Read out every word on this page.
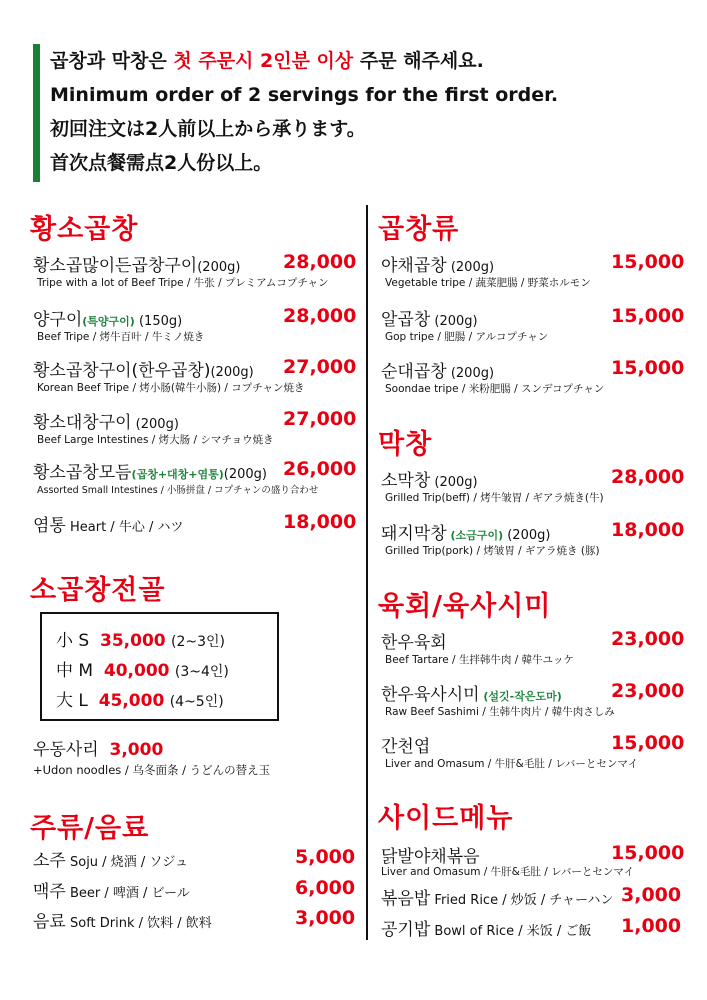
곱창과 막창은 첫 주문시 2인분 이상 주문 해주세요.
Minimum order of 2 servings for the first order.
初回注文は2人前以上から承ります。
首次点餐需点2人份以上。
황소곱창
황소곱많이든곱창구이(200g)
Tripe with a lot of Beef Tripe / 牛张 / プレミアムコプチャン
28,000
양구이(특양구이) (150g)
Beef Tripe / 烤牛百叶 / 牛ミノ焼き
28,000
황소곱창구이(한우곱창)(200g)
Korean Beef Tripe / 烤小肠(韓牛小肠) / コプチャン焼き
27,000
황소대창구이 (200g)
Beef Large Intestines / 烤大肠 / シマチョウ焼き
27,000
황소곱창모듬(곱창+대창+염통)(200g)
Assorted Small Intestines / 小肠拼盘 / コプチャンの盛り合わせ
26,000
염통 Heart / 牛心 / ハツ	18,000
소곱창전골
小 S 35,000 (2~3인)
中 M 40,000 (3~4인)
大 L 45,000 (4~5인)
우동사리 3,000
+Udon noodles / 乌冬面条 / うどんの替え玉
주류/음료
소주 Soju / 烧酒 / ソジュ	5,000
맥주 Beer / 啤酒 / ビール	6,000
음료 Soft Drink / 饮料 / 飲料	3,000
곱창류
야채곱창 (200g)
Vegetable tripe / 蔬菜肥腸 / 野菜ホルモン
15,000
알곱창 (200g)
Gop tripe / 肥腸 / アルコプチャン
15,000
순대곱창 (200g)
Soondae tripe / 米粉肥腸 / スンデコプチャン
15,000
막창
소막창 (200g)
Grilled Trip(beff) / 烤牛皱胃 / ギアラ焼き(牛)
28,000
돼지막창 (소금구이) (200g)
Grilled Trip(pork) / 烤皱胃 / ギアラ焼き (豚)
18,000
육회/육사시미
한우육회
Beef Tartare / 生拌韩牛肉 / 韓牛ユッケ
23,000
한우육사시미 (설깃-작은도마)
Raw Beef Sashimi / 生韩牛肉片 / 韓牛肉さしみ
23,000
간천엽
Liver and Omasum / 牛肝&毛肚 / レバーとセンマイ
15,000
사이드메뉴
닭발야채볶음
Liver and Omasum / 牛肝&毛肚 / レバーとセンマイ
15,000
볶음밥 Fried Rice / 炒饭 / チャーハン 3,000
공기밥 Bowl of Rice / 米饭 / ご飯 1,000
